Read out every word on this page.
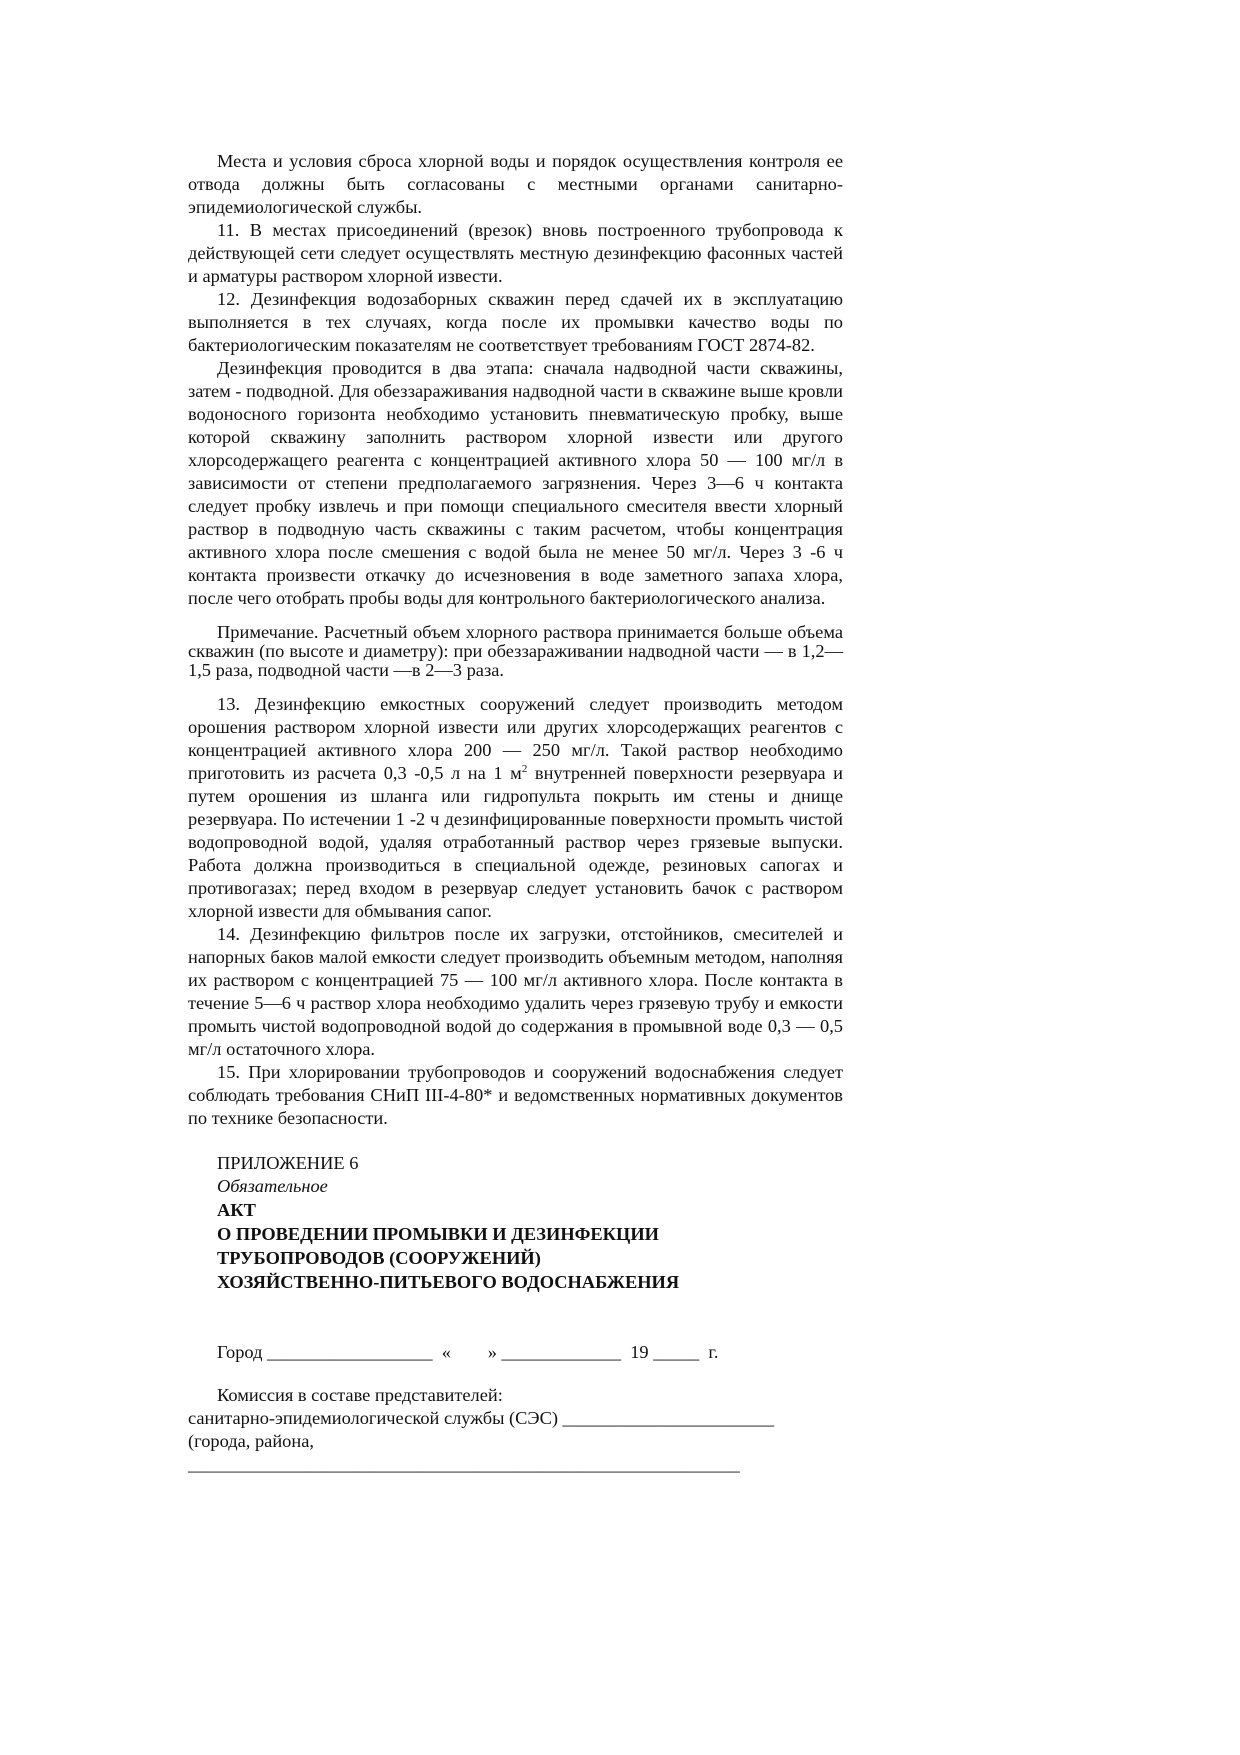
Места и условия сброса хлорной воды и порядок осуществления контроля ее отвода должны быть согласованы с местными органами санитарно-эпидемиологической службы.

11. В местах присоединений (врезок) вновь построенного трубопровода к действующей сети следует осуществлять местную дезинфекцию фасонных частей и арматуры раствором хлорной извести.

12. Дезинфекция водозаборных скважин перед сдачей их в эксплуатацию выполняется в тех случаях, когда после их промывки качество воды по бактериологическим показателям не соответствует требованиям ГОСТ 2874-82.

Дезинфекция проводится в два этапа: сначала надводной части скважины, затем - подводной. Для обеззараживания надводной части в скважине выше кровли водоносного горизонта необходимо установить пневматическую пробку, выше которой скважину заполнить раствором хлорной извести или другого хлорсодержащего реагента с концентрацией активного хлора 50 — 100 мг/л в зависимости от степени предполагаемого загрязнения. Через 3—6 ч контакта следует пробку извлечь и при помощи специального смесителя ввести хлорный раствор в подводную часть скважины с таким расчетом, чтобы концентрация активного хлора после смешения с водой была не менее 50 мг/л. Через 3 -6 ч контакта произвести откачку до исчезновения в воде заметного запаха хлора, после чего отобрать пробы воды для контрольного бактериологического анализа.

Примечание. Расчетный объем хлорного раствора принимается больше объема скважин (по высоте и диаметру): при обеззараживании надводной части — в 1,2— 1,5 раза, подводной части —в 2—3 раза.

13. Дезинфекцию емкостных сооружений следует производить методом орошения раствором хлорной извести или других хлорсодержащих реагентов с концентрацией активного хлора 200 — 250 мг/л. Такой раствор необходимо приготовить из расчета 0,3 -0,5 л на 1 $м^2$ внутренней поверхности резервуара и путем орошения из шланга или гидропульта покрыть им стены и днище резервуара. По истечении 1 -2 ч дезинфицированные поверхности промыть чистой водопроводной водой, удаляя отработанный раствор через грязевые выпуски. Работа должна производиться в специальной одежде, резиновых сапогах и противогазах; перед входом в резервуар следует установить бачок с раствором хлорной извести для обмывания сапог.

14. Дезинфекцию фильтров после их загрузки, отстойников, смесителей и напорных баков малой емкости следует производить объемным методом, наполняя их раствором с концентрацией 75 — 100 мг/л активного хлора. После контакта в течение 5—6 ч раствор хлора необходимо удалить через грязевую трубу и емкости промыть чистой водопроводной водой до содержания в промывной воде 0,3 — 0,5 мг/л остаточного хлора.

15. При хлорировании трубопроводов и сооружений водоснабжения следует соблюдать требования СНиП III-4-80* и ведомственных нормативных документов по технике безопасности.

ПРИЛОЖЕНИЕ 6

Обязательное

АКТ

О ПРОВЕДЕНИИ ПРОМЫВКИ И ДЕЗИНФЕКЦИИ

ТРУБОПРОВОДОВ (СООРУЖЕНИЙ)

ХОЗЯЙСТВЕННО-ПИТЬЕВОГО ВОДОСНАБЖЕНИЯ

Город __________________  «        » _____________  19 _____  г.

Комиссия в составе представителей:

санитарно-эпидемиологической службы (СЭС) _______________________

(города, района,

____________________________________________________________
